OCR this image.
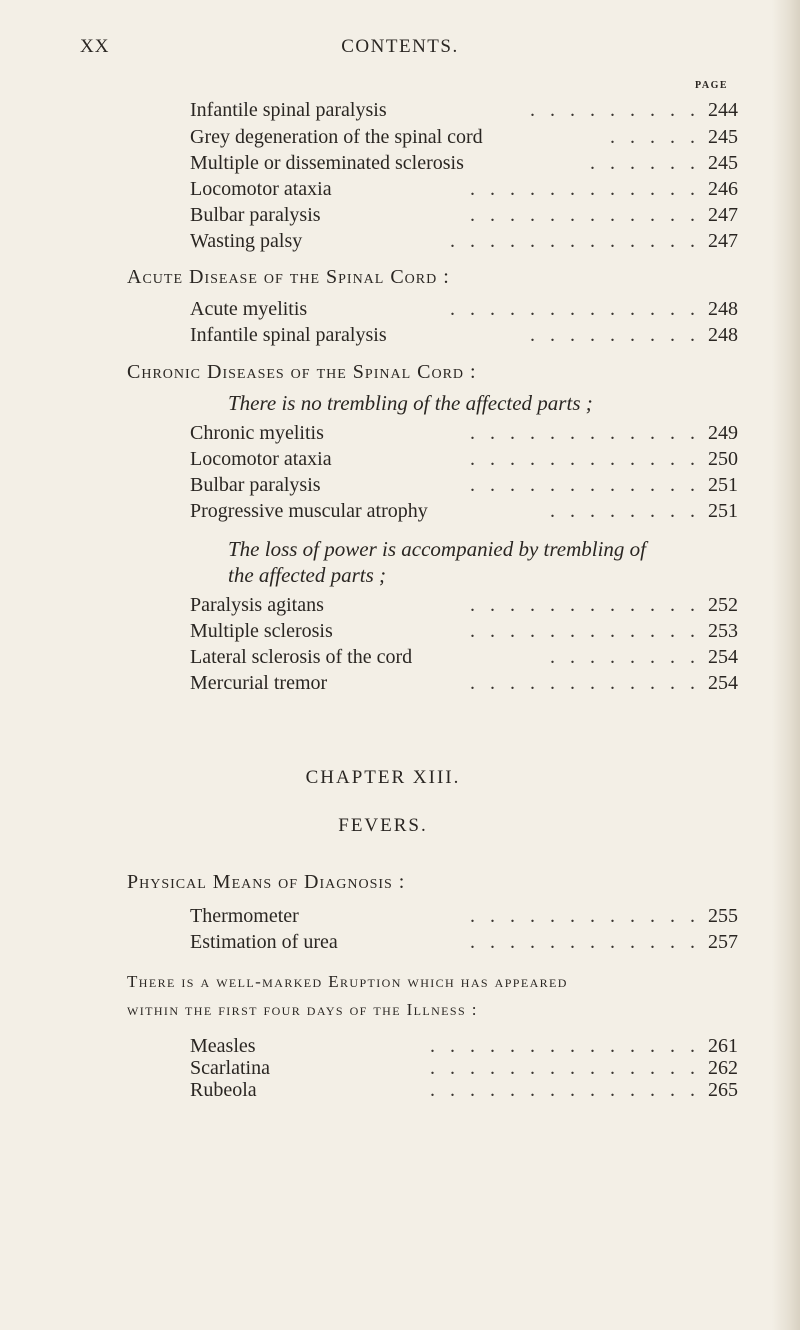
XX	CONTENTS.
PAGE
Infantile spinal paralysis	. . . . . . . . . 244
Grey degeneration of the spinal cord	. . . . . 245
Multiple or disseminated sclerosis	. . . . . . 245
Locomotor ataxia	. . . . . . . . . . . . 246
Bulbar paralysis	. . . . . . . . . . . . 247
Wasting palsy	. . . . . . . . . . . . . 247
Acute Disease of the Spinal Cord :
Acute myelitis	. . . . . . . . . . . . . 248
Infantile spinal paralysis	. . . . . . . . . 248
Chronic Diseases of the Spinal Cord :
There is no trembling of the affected parts ;
Chronic myelitis	. . . . . . . . . . . . 249
Locomotor ataxia	. . . . . . . . . . . . 250
Bulbar paralysis	. . . . . . . . . . . . 251
Progressive muscular atrophy	. . . . . . . . 251
The loss of power is accompanied by trembling of
the affected parts ;
Paralysis agitans	. . . . . . . . . . . . 252
Multiple sclerosis	. . . . . . . . . . . . 253
Lateral sclerosis of the cord	. . . . . . . . 254
Mercurial tremor	. . . . . . . . . . . . 254
CHAPTER XIII.
FEVERS.
Physical Means of Diagnosis :
Thermometer	. . . . . . . . . . . . 255
Estimation of urea	. . . . . . . . . . . . 257
There is a well-marked Eruption which has appeared
within the first four days of the Illness :
Measles	. . . . . . . . . . . . . . 261
Scarlatina	. . . . . . . . . . . . . . 262
Rubeola	. . . . . . . . . . . . . . 265
